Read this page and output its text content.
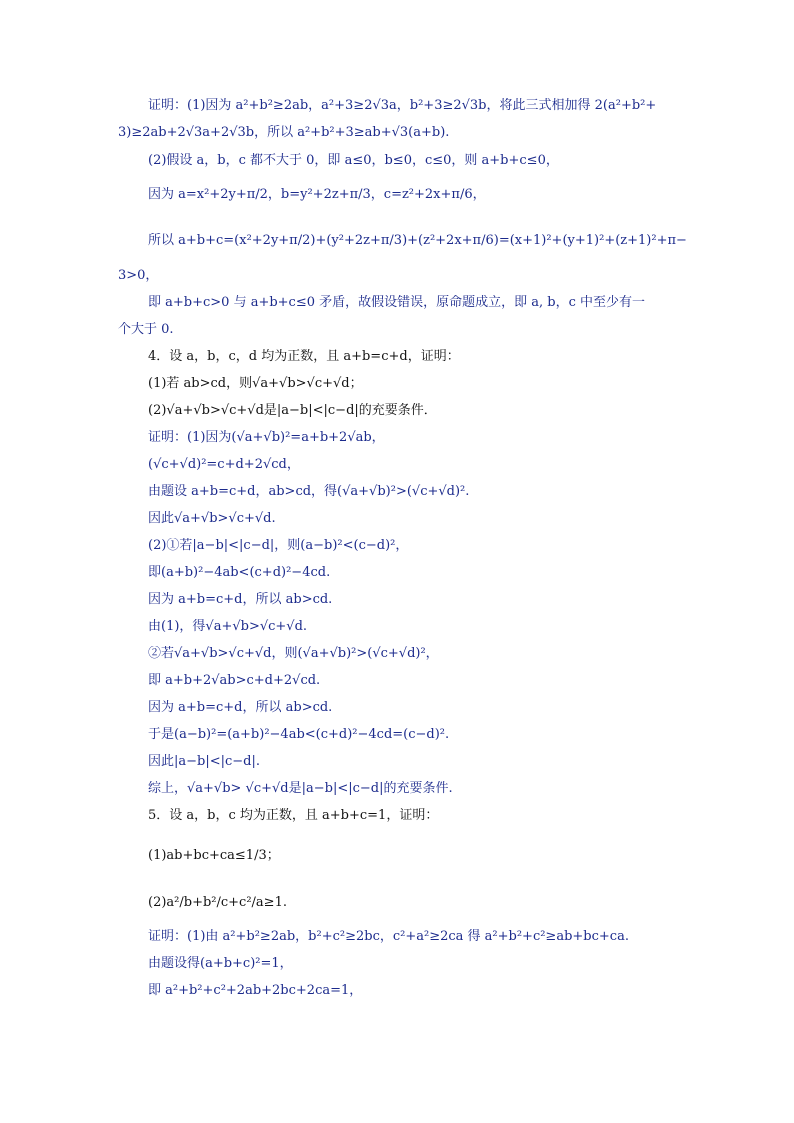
证明：(1)因为 a²+b²≥2ab，a²+3≥2√3a，b²+3≥2√3b，将此三式相加得 2(a²+b²+
3)≥2ab+2√3a+2√3b，所以 a²+b²+3≥ab+√3(a+b).
(2)假设 a，b，c 都不大于 0，即 a≤0，b≤0，c≤0，则 a+b+c≤0，
因为 a=x²+2y+π/2，b=y²+2z+π/3，c=z²+2x+π/6，
所以 a+b+c=(x²+2y+π/2)+(y²+2z+π/3)+(z²+2x+π/6)=(x+1)²+(y+1)²+(z+1)²+π−
3>0，
即 a+b+c>0 与 a+b+c≤0 矛盾，故假设错误，原命题成立，即 a, b，c 中至少有一
个大于 0.
4．设 a，b，c，d 均为正数，且 a+b=c+d，证明：
(1)若 ab>cd，则√a+√b>√c+√d；
(2)√a+√b>√c+√d是|a−b|<|c−d|的充要条件．
证明：(1)因为(√a+√b)²=a+b+2√ab，
(√c+√d)²=c+d+2√cd，
由题设 a+b=c+d，ab>cd，得(√a+√b)²>(√c+√d)².
因此√a+√b>√c+√d.
(2)①若|a−b|<|c−d|，则(a−b)²<(c−d)²，
即(a+b)²−4ab<(c+d)²−4cd.
因为 a+b=c+d，所以 ab>cd.
由(1)，得√a+√b>√c+√d.
②若√a+√b>√c+√d，则(√a+√b)²>(√c+√d)²，
即 a+b+2√ab>c+d+2√cd.
因为 a+b=c+d，所以 ab>cd.
于是(a−b)²=(a+b)²−4ab<(c+d)²−4cd=(c−d)².
因此|a−b|<|c−d|.
综上，√a+√b> √c+√d是|a−b|<|c−d|的充要条件.
5．设 a，b，c 均为正数，且 a+b+c=1，证明：
(1)ab+bc+ca≤1/3；
(2)a²/b+b²/c+c²/a≥1.
证明：(1)由 a²+b²≥2ab，b²+c²≥2bc，c²+a²≥2ca 得 a²+b²+c²≥ab+bc+ca.
由题设得(a+b+c)²=1，
即 a²+b²+c²+2ab+2bc+2ca=1，
